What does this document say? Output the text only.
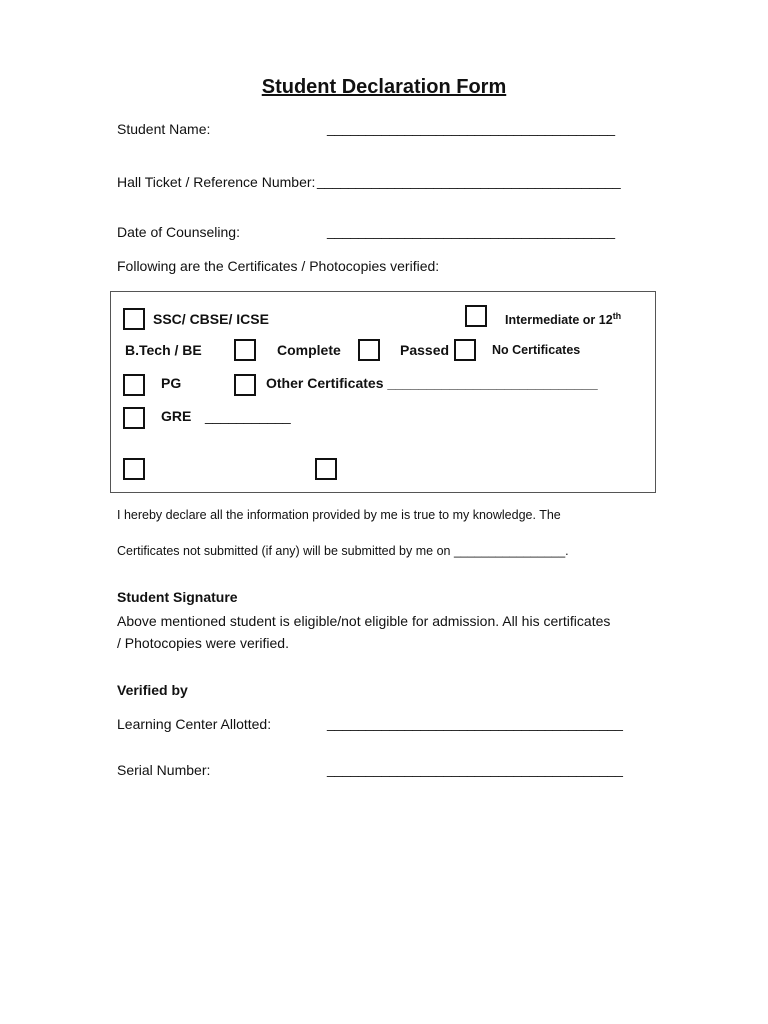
Student Declaration Form
Student Name:	_____________________________________
Hall Ticket / Reference Number: _______________________________________
Date of Counseling:	_____________________________________
Following are the Certificates / Photocopies verified:
SSC/ CBSE/ ICSE	Intermediate or 12th
B.Tech / BE	Complete	Passed	No Certificates
PG	Other Certificates ___________________________
GRE ___________
I hereby declare all the information provided by me is true to my knowledge. The
Certificates not submitted (if any) will be submitted by me on ________________.
Student Signature
Above mentioned student is eligible/not eligible for admission. All his certificates
/ Photocopies were verified.
Verified by
Learning Center Allotted:	______________________________________
Serial Number:	______________________________________
